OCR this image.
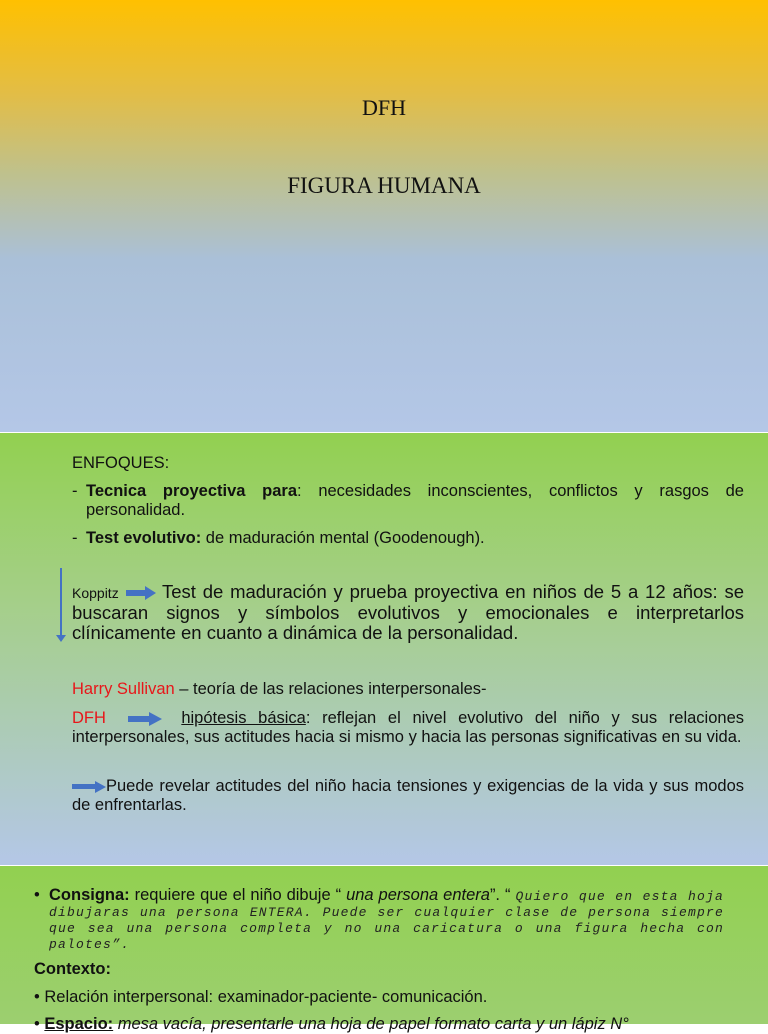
DFH
FIGURA HUMANA
ENFOQUES:
- Tecnica proyectiva para: necesidades inconscientes, conflictos y rasgos de personalidad.
- Test evolutivo: de maduración mental (Goodenough).
Koppitz Test de maduración y prueba proyectiva en niños de 5 a 12 años: se buscaran signos y símbolos evolutivos y emocionales e interpretarlos clínicamente en cuanto a dinámica de la personalidad.
Harry Sullivan – teoría de las relaciones interpersonales-
DFH	hipótesis básica: reflejan el nivel evolutivo del niño y sus relaciones interpersonales, sus actitudes hacia si mismo y hacia las personas significativas en su vida.
Puede revelar actitudes del niño hacia tensiones y exigencias de la vida y sus modos de enfrentarlas.
• Consigna: requiere que el niño dibuje “ una persona entera”. “ Quiero que en esta hoja dibujaras una persona ENTERA. Puede ser cualquier clase de persona siempre que sea una persona completa y no una caricatura o una figura hecha con palotes”.
Contexto:
• Relación interpersonal: examinador-paciente- comunicación.
• Espacio: mesa vacía, presentarle una hoja de papel formato carta y un lápiz N°
